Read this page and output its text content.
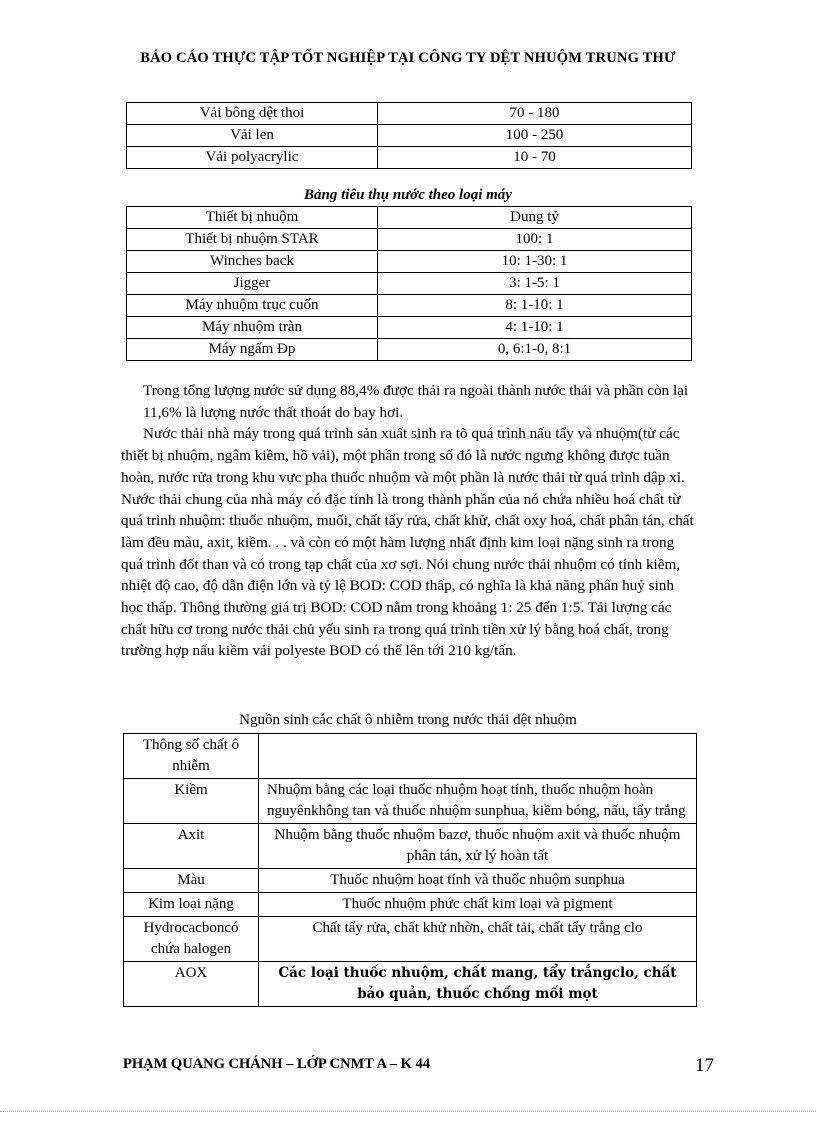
BÁO CÁO THỰC TẬP TỐT NGHIỆP TẠI CÔNG TY DỆT NHUỘM TRUNG THƯ
Vải bông dệt thoi	70 - 180
Vải len	100 - 250
Vải polyacrylic	10 - 70
Bảng tiêu thụ nước theo loại máy
Thiết bị nhuộm	Dung tỷ
Thiết bị nhuộm STAR	100: 1
Winches back	10: 1-30: 1
Jigger	3: 1-5: 1
Máy nhuộm trục cuốn	8: 1-10: 1
Máy nhuộm tràn	4: 1-10: 1
Máy ngấm Đp	0, 6:1-0, 8:1
Trong tổng lượng nước sử dụng 88,4% được thải ra ngoài thành nước thải và phần còn lại 11,6% là lượng nước thất thoát do bay hơi.
Nước thải nhà máy trong quá trình sản xuất sinh ra tõ quá trình nấu tẩy và nhuộm(từ các thiết bị nhuộm, ngâm kiềm, hồ vải), một phần trong số đó là nước ngưng không được tuần hoàn, nước rửa trong khu vực pha thuốc nhuộm và một phần là nước thải từ quá trình dập xỉ.
Nước thải chung của nhà máy có đặc tính là trong thành phần của nó chứa nhiều hoá chất từ quá trình nhuộm: thuốc nhuộm, muối, chất tẩy rửa, chất khử, chất oxy hoá, chất phân tán, chất làm đều màu, axit, kiềm. . . và còn có một hàm lượng nhất định kim loại nặng sinh ra trong quá trình đốt than và có trong tạp chất của xơ sợi. Nói chung nước thải nhuộm có tính kiềm, nhiệt độ cao, độ dẫn điện lớn và tỷ lệ BOD: COD thấp, có nghĩa là khả năng phân huỷ sinh học thấp. Thông thường giá trị BOD: COD nằm trong khoảng 1: 25 đến 1:5. Tải lượng các chất hữu cơ trong nước thải chủ yếu sinh ra trong quá trình tiền xử lý bằng hoá chất, trong trường hợp nấu kiềm vải polyeste BOD có thể lên tới 210 kg/tấn.
Nguồn sinh các chất ô nhiễm trong nước thải dệt nhuộm
Thông số chất ô nhiễm	
Kiềm	Nhuộm bằng các loại thuốc nhuộm hoạt tính, thuốc nhuộm hoàn nguyênkhông tan và thuốc nhuộm sunphua, kiềm bóng, nấu, tẩy trắng
Axit	Nhuộm bằng thuốc nhuộm bazơ, thuốc nhuộm axit và thuốc nhuộm phân tán, xử lý hoàn tất
Màu	Thuốc nhuộm hoạt tính và thuốc nhuộm sunphua
Kim loại nặng	Thuốc nhuộm phức chất kim loại và pigment
Hydrocacboncó chứa halogen	Chất tẩy rửa, chất khử nhờn, chất tải, chất tẩy trắng clo
AOX	Các loại thuốc nhuộm, chất mang, tẩy trắngclo, chất bảo quản, thuốc chống mối mọt
PHẠM QUANG CHÁNH – LỚP CNMT A – K 44	17
